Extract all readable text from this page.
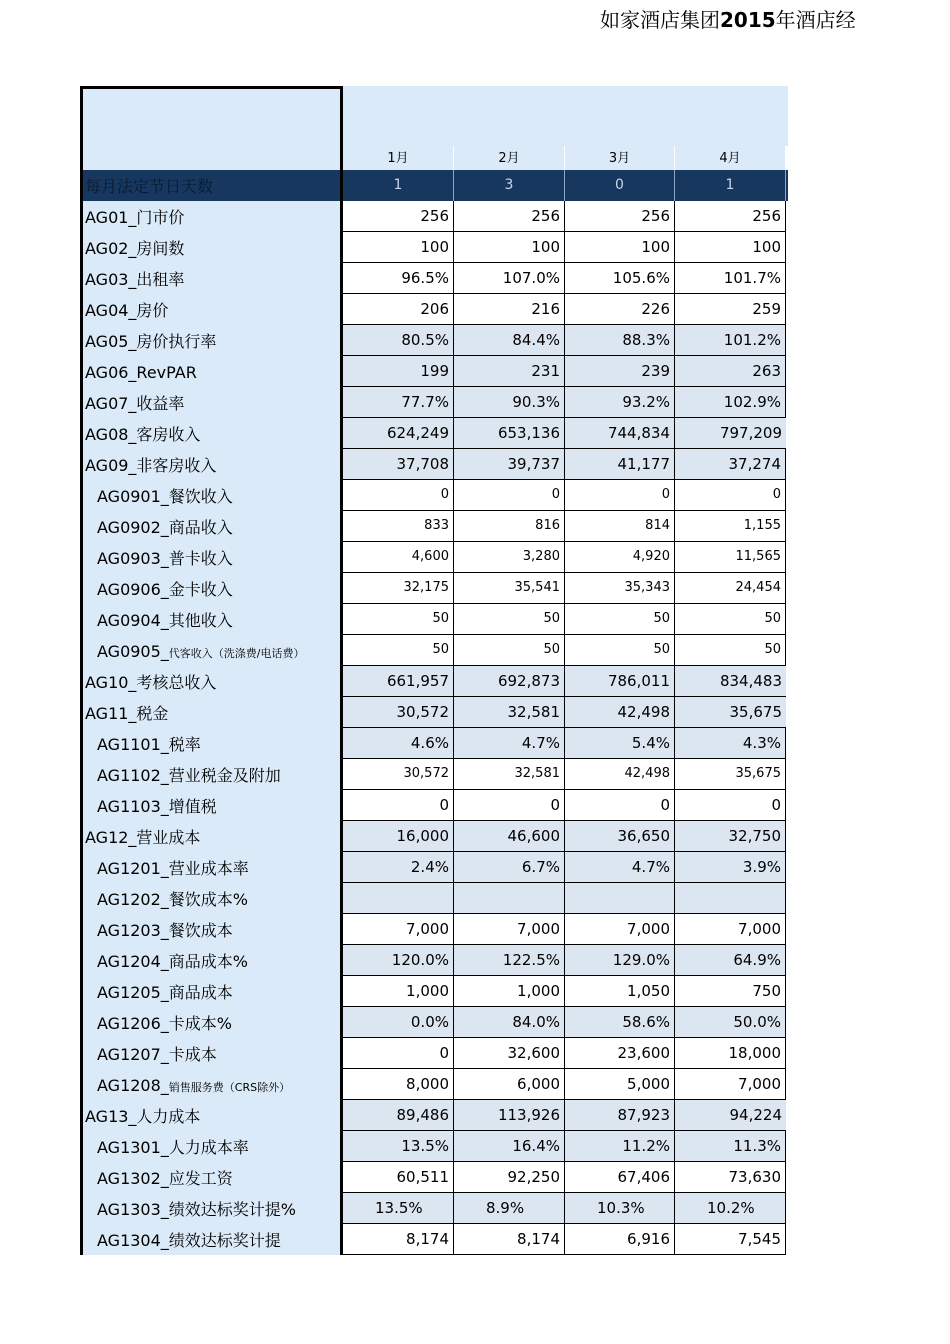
1月	2月	3月	4月
每月法定节日天数	1	3	0	1
AG01_门市价	256	256	256	256
AG02_房间数	100	100	100	100
AG03_出租率	96.5%	107.0%	105.6%	101.7%
AG04_房价	206	216	226	259
AG05_房价执行率	80.5%	84.4%	88.3%	101.2%
AG06_RevPAR	199	231	239	263
AG07_收益率	77.7%	90.3%	93.2%	102.9%
AG08_客房收入	624,249	653,136	744,834	797,209
AG09_非客房收入	37,708	39,737	41,177	37,274
AG0901_餐饮收入	0	0	0	0
AG0902_商品收入	833	816	814	1,155
AG0903_普卡收入	4,600	3,280	4,920	11,565
AG0906_金卡收入	32,175	35,541	35,343	24,454
AG0904_其他收入	50	50	50	50
AG0905_代客收入（洗涤费/电话费）	50	50	50	50
AG10_考核总收入	661,957	692,873	786,011	834,483
AG11_税金	30,572	32,581	42,498	35,675
AG1101_税率	4.6%	4.7%	5.4%	4.3%
AG1102_营业税金及附加	30,572	32,581	42,498	35,675
AG1103_增值税	0	0	0	0
AG12_营业成本	16,000	46,600	36,650	32,750
AG1201_营业成本率	2.4%	6.7%	4.7%	3.9%
AG1202_餐饮成本%
AG1203_餐饮成本	7,000	7,000	7,000	7,000
AG1204_商品成本%	120.0%	122.5%	129.0%	64.9%
AG1205_商品成本	1,000	1,000	1,050	750
AG1206_卡成本%	0.0%	84.0%	58.6%	50.0%
AG1207_卡成本	0	32,600	23,600	18,000
AG1208_销售服务费（CRS除外）	8,000	6,000	5,000	7,000
AG13_人力成本	89,486	113,926	87,923	94,224
AG1301_人力成本率	13.5%	16.4%	11.2%	11.3%
AG1302_应发工资	60,511	92,250	67,406	73,630
AG1303_绩效达标奖计提%	13.5%	8.9%	10.3%	10.2%
AG1304_绩效达标奖计提	8,174	8,174	6,916	7,545
如家酒店集团2015年酒店经
